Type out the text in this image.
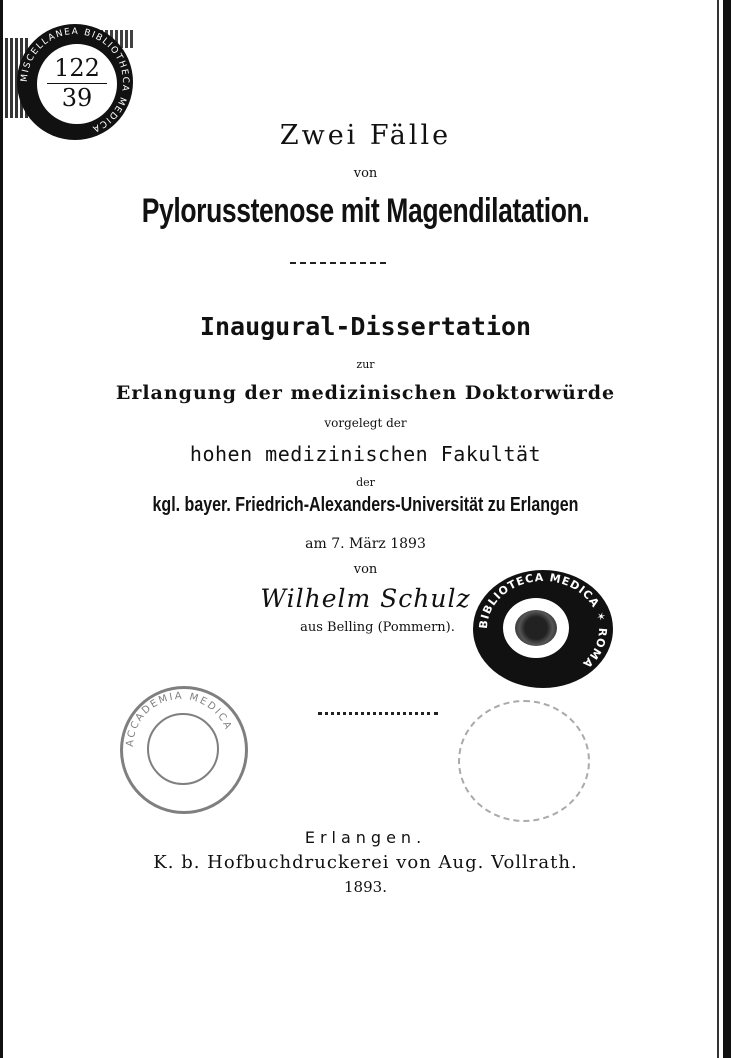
MISCELLANEA BIBLIOTHECA MEDICA
122
39
Zwei Fälle
von
Pylorusstenose mit Magendilatation.
Inaugural-Dissertation
zur
Erlangung der medizinischen Doktorwürde
vorgelegt der
hohen medizinischen Fakultät
der
kgl. bayer. Friedrich-Alexanders-Universität zu Erlangen
am 7. März 1893
von
Wilhelm Schulz
aus Belling (Pommern).	BIBLIOTECA MEDICA ✶ ROMA
ACCADEMIA MEDICA
Erlangen.
K. b. Hofbuchdruckerei von Aug. Vollrath.
1893.
